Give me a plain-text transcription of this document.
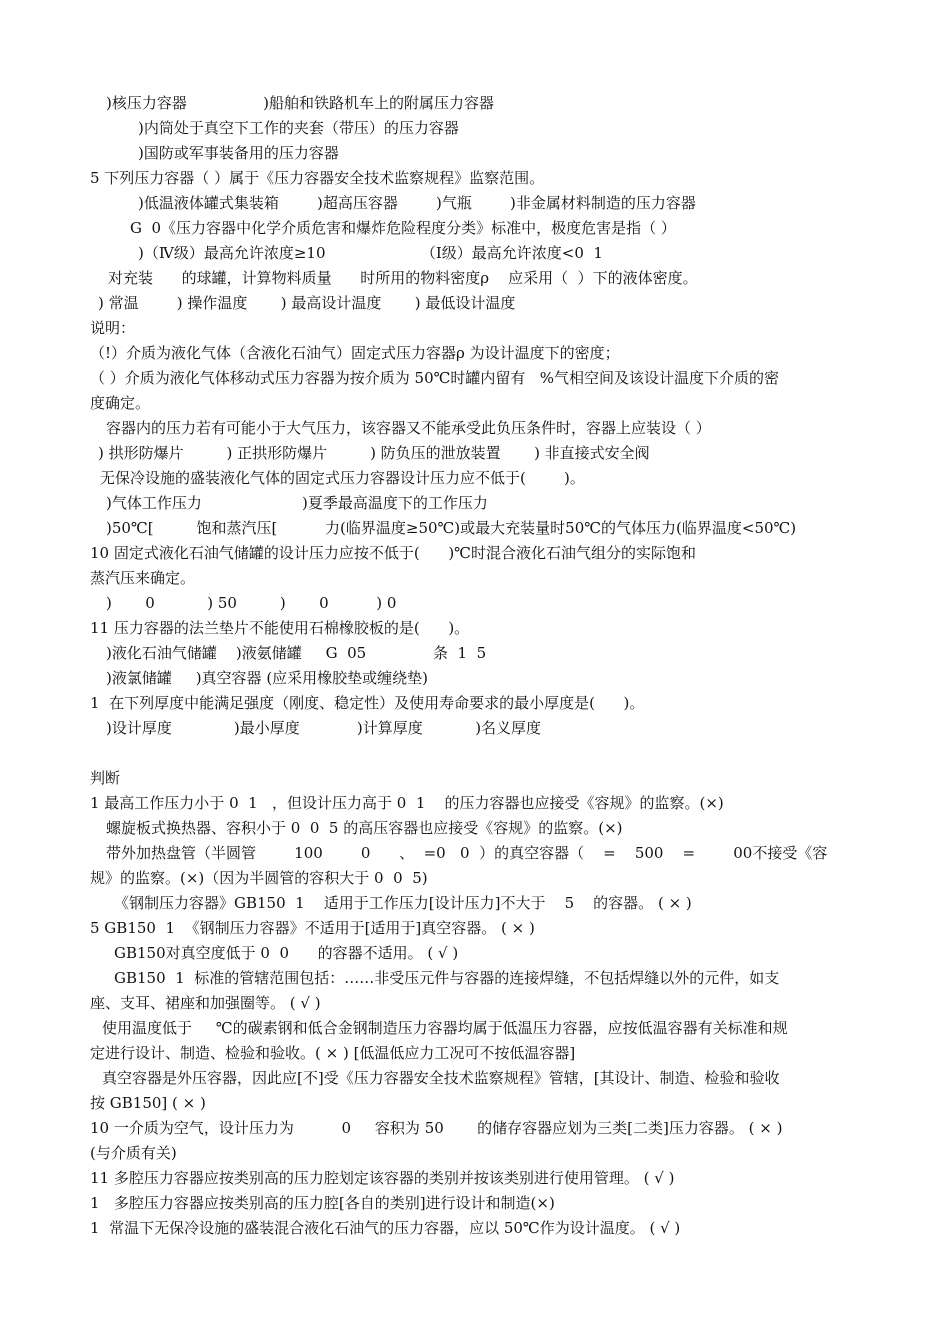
)核压力容器                )船舶和铁路机车上的附属压力容器
)内筒处于真空下工作的夹套（带压）的压力容器
)国防或军事装备用的压力容器
5 下列压力容器（ ）属于《压力容器安全技术监察规程》监察范围。
)低温液体罐式集装箱        )超高压容器        )气瓶        )非金属材料制造的压力容器
G  0《压力容器中化学介质危害和爆炸危险程度分类》标准中，极度危害是指（ ）
)（Ⅳ级）最高允许浓度≥10                    （Ⅰ级）最高允许浓度<0  1
对充装      的球罐，计算物料质量      时所用的物料密度ρ    应采用（  ）下的液体密度。
) 常温        ) 操作温度       ) 最高设计温度       ) 最低设计温度
说明：
（!）介质为液化气体（含液化石油气）固定式压力容器ρ 为设计温度下的密度；
（ ）介质为液化气体移动式压力容器为按介质为 50℃时罐内留有   %气相空间及该设计温度下介质的密
度确定。
容器内的压力若有可能小于大气压力，该容器又不能承受此负压条件时，容器上应装设（ ）
) 拱形防爆片         ) 正拱形防爆片         ) 防负压的泄放装置       ) 非直接式安全阀
无保冷设施的盛装液化气体的固定式压力容器设计压力应不低于(        )。
)气体工作压力                     )夏季最高温度下的工作压力
)50℃[         饱和蒸汽压[          力(临界温度≥50℃)或最大充装量时50℃的气体压力(临界温度<50℃)
10 固定式液化石油气储罐的设计压力应按不低于(      )℃时混合液化石油气组分的实际饱和
蒸汽压来确定。
)       0           ) 50         )       0          ) 0
11 压力容器的法兰垫片不能使用石棉橡胶板的是(      )。
)液化石油气储罐    )液氨储罐     G  05              条  1  5
)液氯储罐     )真空容器 (应采用橡胶垫或缠绕垫)
1  在下列厚度中能满足强度（刚度、稳定性）及使用寿命要求的最小厚度是(      )。
)设计厚度             )最小厚度            )计算厚度           )名义厚度
判断
1 最高工作压力小于 0  1   ，但设计压力高于 0  1    的压力容器也应接受《容规》的监察。(×)
螺旋板式换热器、容积小于 0  0  5 的高压容器也应接受《容规》的监察。(×)
带外加热盘管（半圆管        100        0      、  =0   0  ）的真空容器（    =    500    =        00不接受《容
规》的监察。(×)（因为半圆管的容积大于 0  0  5)
《钢制压力容器》GB150  1    适用于工作压力[设计压力]不大于    5    的容器。 ( × )
5 GB150  1  《钢制压力容器》不适用于[适用于]真空容器。 ( × )
GB150对真空度低于 0  0      的容器不适用。 ( √ )
GB150  1  标准的管辖范围包括：……非受压元件与容器的连接焊缝，不包括焊缝以外的元件，如支
座、支耳、裙座和加强圈等。 ( √ )
使用温度低于     ℃的碳素钢和低合金钢制造压力容器均属于低温压力容器，应按低温容器有关标准和规
定进行设计、制造、检验和验收。( × ) [低温低应力工况可不按低温容器]
真空容器是外压容器，因此应[不]受《压力容器安全技术监察规程》管辖，[其设计、制造、检验和验收
按 GB150] ( × )
10 一介质为空气，设计压力为          0     容积为 50       的储存容器应划为三类[二类]压力容器。 ( × )
(与介质有关)
11 多腔压力容器应按类别高的压力腔划定该容器的类别并按该类别进行使用管理。 ( √ )
1   多腔压力容器应按类别高的压力腔[各自的类别]进行设计和制造(×)
1  常温下无保冷设施的盛装混合液化石油气的压力容器，应以 50℃作为设计温度。 ( √ )
